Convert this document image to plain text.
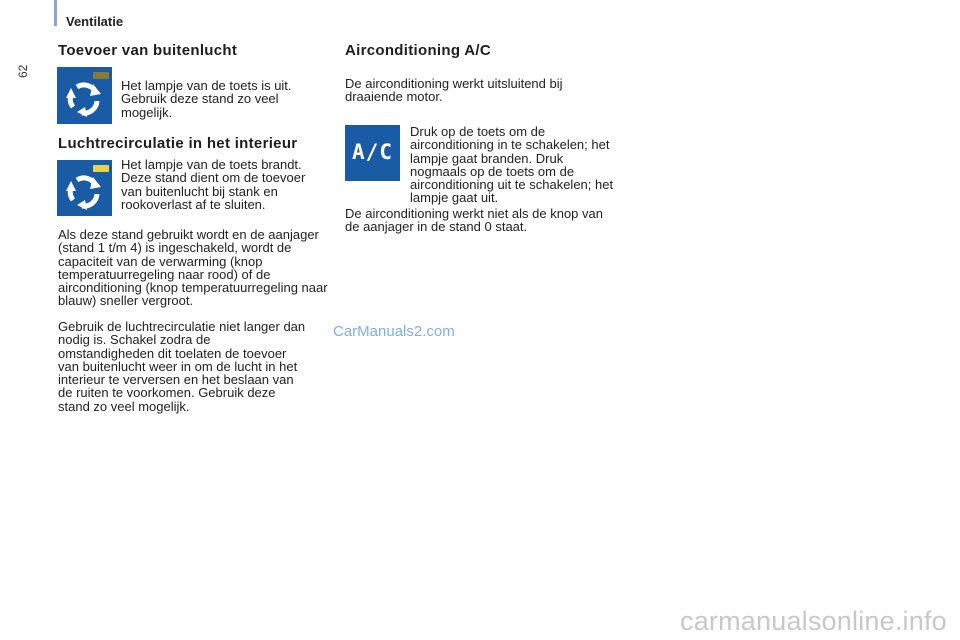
Ventilatie
62
Toevoer van buitenlucht

Het lampje van de toets is uit. Gebruik deze stand zo veel mogelijk.

Luchtrecirculatie in het interieur

Het lampje van de toets brandt. Deze stand dient om de toevoer van buitenlucht bij stank en rookoverlast af te sluiten.

Als deze stand gebruikt wordt en de aanjager (stand 1 t/m 4) is ingeschakeld, wordt de capaciteit van de verwarming (knop temperatuurregeling naar rood) of de airconditioning (knop temperatuurregeling naar blauw) sneller vergroot.

Gebruik de luchtrecirculatie niet langer dan nodig is. Schakel zodra de omstandigheden dit toelaten de toevoer van buitenlucht weer in om de lucht in het interieur te verversen en het beslaan van de ruiten te voorkomen. Gebruik deze stand zo veel mogelijk.

Airconditioning A/C

De airconditioning werkt uitsluitend bij draaiende motor.

A/C

Druk op de toets om de airconditioning in te schakelen; het lampje gaat branden. Druk nogmaals op de toets om de airconditioning uit te schakelen; het lampje gaat uit.

De airconditioning werkt niet als de knop van de aanjager in de stand 0 staat.

CarManuals2.com
carmanualsonline.info
